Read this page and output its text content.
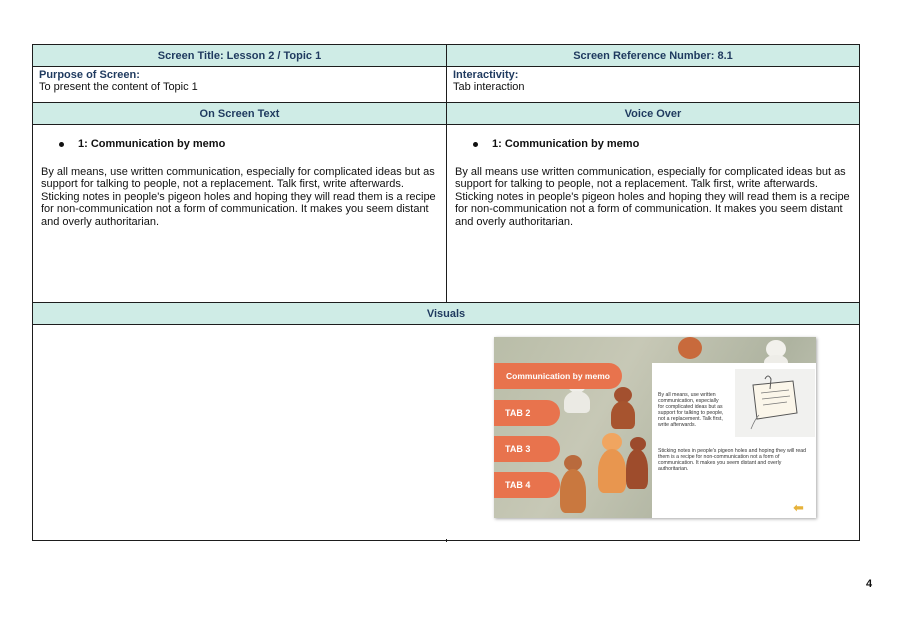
Screen Title: Lesson 2 / Topic 1	Screen Reference Number: 8.1
Purpose of Screen:
To present the content of Topic 1
Interactivity:
Tab interaction
On Screen Text	Voice Over
1: Communication by memo

By all means, use written communication, especially for complicated ideas but as support for talking to people, not a replacement. Talk first, write afterwards. Sticking notes in people's pigeon holes and hoping they will read them is a recipe for non-communication not a form of communication. It makes you seem distant and overly authoritarian.

1: Communication by memo

By all means use written communication, especially for complicated ideas but as support for talking to people, not a replacement. Talk first, write afterwards. Sticking notes in people's pigeon holes and hoping they will read them is a recipe for non-communication not a form of communication. It makes you seem distant and overly authoritarian.

Visuals
By all means, use written communication, especially for complicated ideas but as support for talking to people, not a replacement. Talk first, write afterwards.
Sticking notes in people's pigeon holes and hoping they will read them is a recipe for non-communication not a form of communication. It makes you seem distant and overly authoritarian.
Communication by memo
TAB 2
TAB 3
TAB 4
⬅
4
